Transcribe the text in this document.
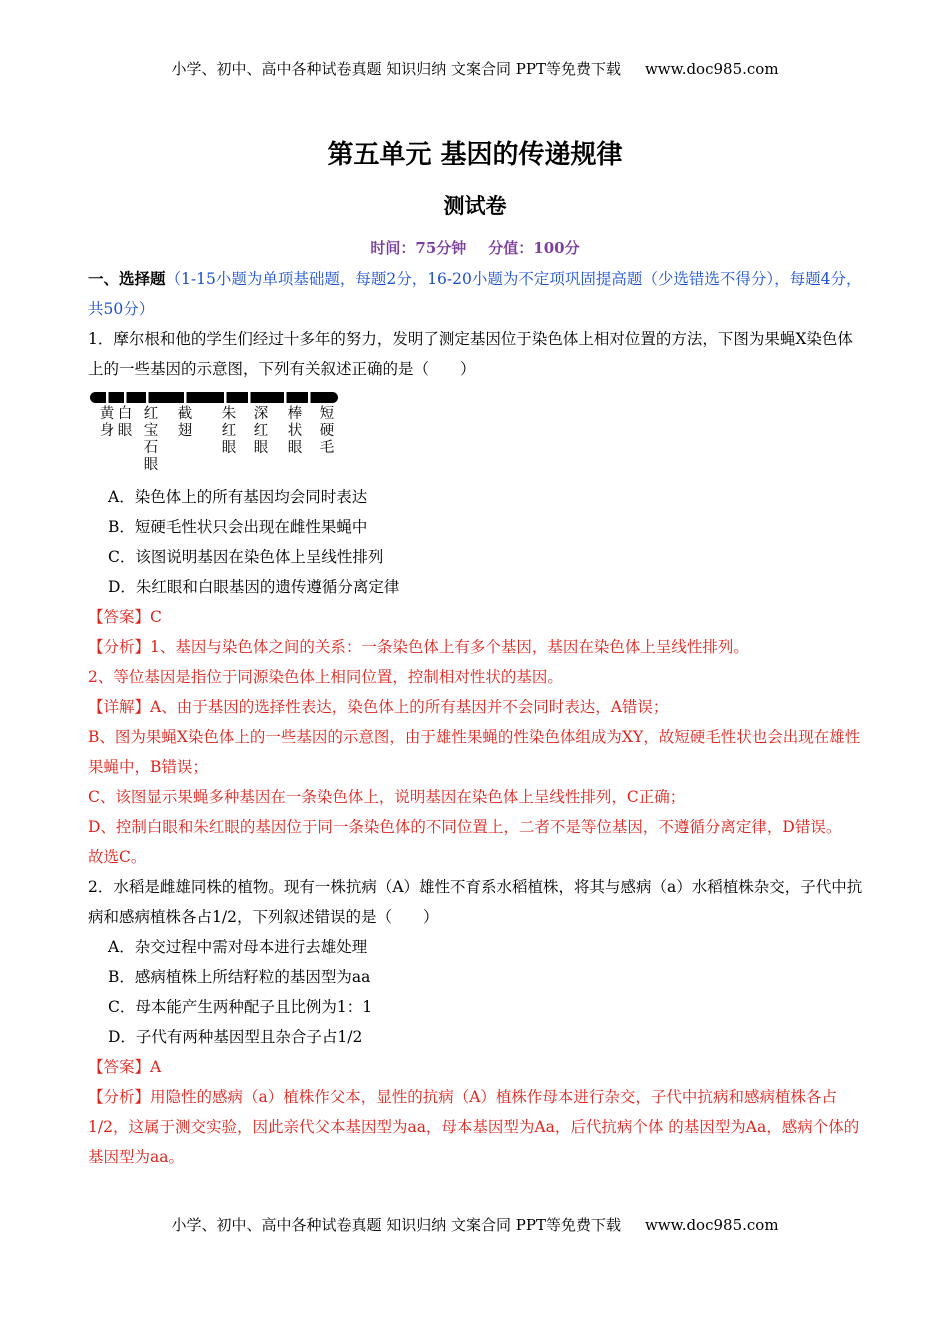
小学、初中、高中各种试卷真题 知识归纳 文案合同 PPT等免费下载 www.doc985.com
第五单元 基因的传递规律
测试卷
时间：75分钟 分值：100分

一、选择题（1-15小题为单项基础题，每题2分，16-20小题为不定项巩固提高题（少选错选不得分），每题4分，共50分）

1．摩尔根和他的学生们经过十多年的努力，发明了测定基因位于染色体上相对位置的方法，下图为果蝇X染色体上的一些基因的示意图，下列有关叙述正确的是（　　）

黄
身
白
眼
红
宝
石
眼
截
翅
朱
红
眼
深
红
眼
棒
状
眼
短
硬
毛

A．染色体上的所有基因均会同时表达

B．短硬毛性状只会出现在雌性果蝇中

C．该图说明基因在染色体上呈线性排列

D．朱红眼和白眼基因的遗传遵循分离定律

【答案】C

【分析】1、基因与染色体之间的关系：一条染色体上有多个基因，基因在染色体上呈线性排列。

2、等位基因是指位于同源染色体上相同位置，控制相对性状的基因。

【详解】A、由于基因的选择性表达，染色体上的所有基因并不会同时表达，A错误；

B、图为果蝇X染色体上的一些基因的示意图，由于雄性果蝇的性染色体组成为XY，故短硬毛性状也会出现在雄性果蝇中，B错误；

C、该图显示果蝇多种基因在一条染色体上，说明基因在染色体上呈线性排列，C正确；

D、控制白眼和朱红眼的基因位于同一条染色体的不同位置上，二者不是等位基因，不遵循分离定律，D错误。

故选C。

2．水稻是雌雄同株的植物。现有一株抗病（A）雄性不育系水稻植株，将其与感病（a）水稻植株杂交，子代中抗病和感病植株各占1/2，下列叙述错误的是（　　）

A．杂交过程中需对母本进行去雄处理

B．感病植株上所结籽粒的基因型为aa

C．母本能产生两种配子且比例为1：1

D．子代有两种基因型且杂合子占1/2

【答案】A

【分析】用隐性的感病（a）植株作父本，显性的抗病（A）植株作母本进行杂交，子代中抗病和感病植株各占1/2，这属于测交实验，因此亲代父本基因型为aa，母本基因型为Aa，后代抗病个体 的基因型为Aa，感病个体的基因型为aa。

小学、初中、高中各种试卷真题 知识归纳 文案合同 PPT等免费下载 www.doc985.com
